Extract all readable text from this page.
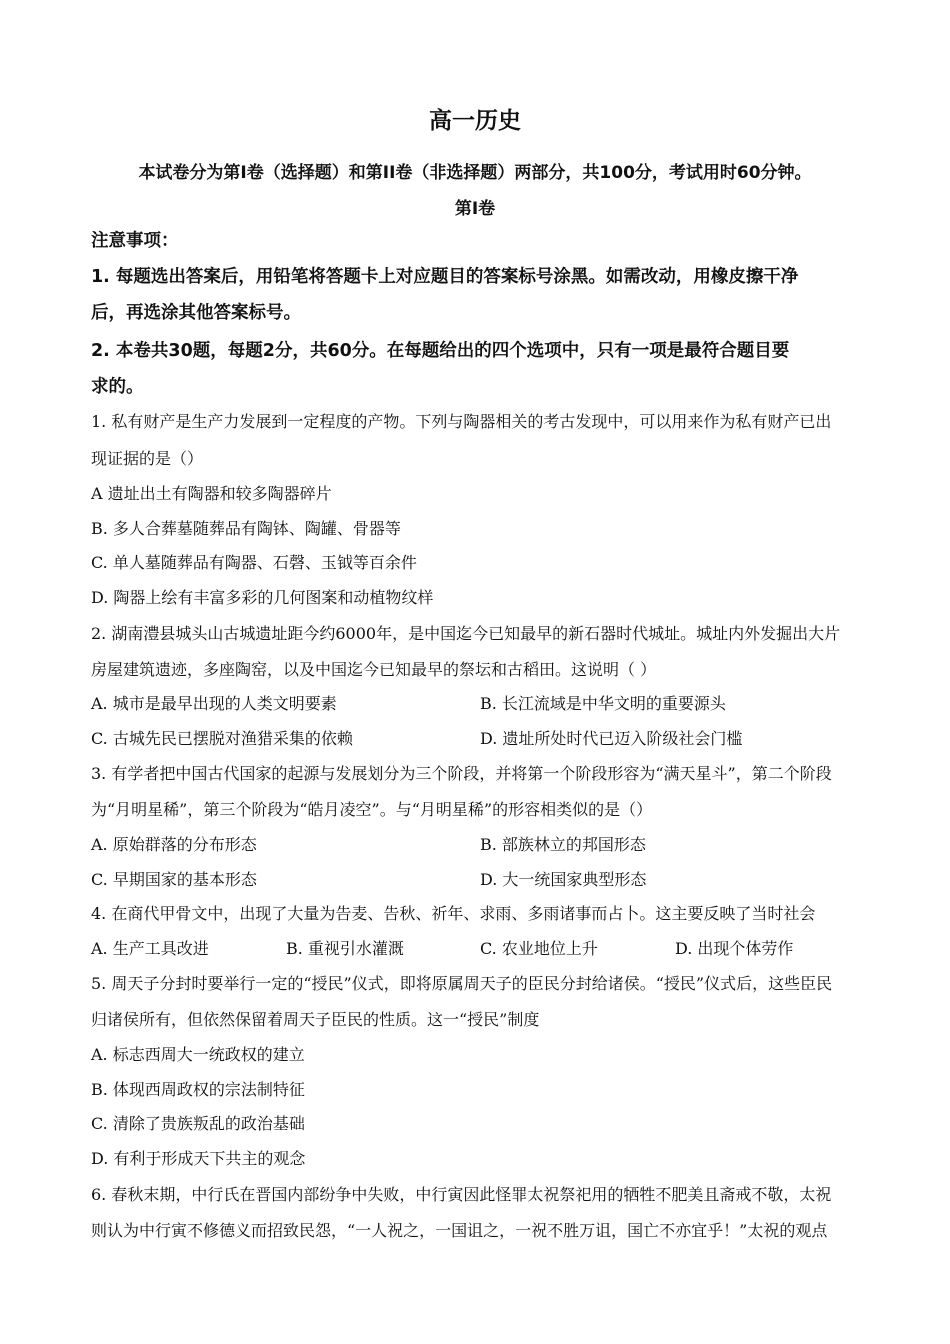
高一历史
本试卷分为第I卷（选择题）和第II卷（非选择题）两部分，共100分，考试用时60分钟。
第I卷
注意事项：
1. 每题选出答案后，用铅笔将答题卡上对应题目的答案标号涂黑。如需改动，用橡皮擦干净
后，再选涂其他答案标号。
2. 本卷共30题，每题2分，共60分。在每题给出的四个选项中，只有一项是最符合题目要
求的。
1. 私有财产是生产力发展到一定程度的产物。下列与陶器相关的考古发现中，可以用来作为私有财产已出
现证据的是（）
A 遗址出土有陶器和较多陶器碎片
B. 多人合葬墓随葬品有陶钵、陶罐、骨器等
C. 单人墓随葬品有陶器、石磬、玉钺等百余件
D. 陶器上绘有丰富多彩的几何图案和动植物纹样
2. 湖南澧县城头山古城遗址距今约6000年，是中国迄今已知最早的新石器时代城址。城址内外发掘出大片
房屋建筑遗迹，多座陶窑，以及中国迄今已知最早的祭坛和古稻田。这说明（ ）
A. 城市是最早出现的人类文明要素	B. 长江流域是中华文明的重要源头
C. 古城先民已摆脱对渔猎采集的依赖	D. 遗址所处时代已迈入阶级社会门槛
3. 有学者把中国古代国家的起源与发展划分为三个阶段，并将第一个阶段形容为“满天星斗”，第二个阶段
为“月明星稀”，第三个阶段为“皓月凌空”。与“月明星稀”的形容相类似的是（）
A. 原始群落的分布形态	B. 部族林立的邦国形态
C. 早期国家的基本形态	D. 大一统国家典型形态
4. 在商代甲骨文中，出现了大量为告麦、告秋、祈年、求雨、多雨诸事而占卜。这主要反映了当时社会
A. 生产工具改进	B. 重视引水灌溉	C. 农业地位上升	D. 出现个体劳作
5. 周天子分封时要举行一定的“授民”仪式，即将原属周天子的臣民分封给诸侯。“授民”仪式后，这些臣民
归诸侯所有，但依然保留着周天子臣民的性质。这一“授民”制度
A. 标志西周大一统政权的建立
B. 体现西周政权的宗法制特征
C. 清除了贵族叛乱的政治基础
D. 有利于形成天下共主的观念
6. 春秋末期，中行氏在晋国内部纷争中失败，中行寅因此怪罪太祝祭祀用的牺牲不肥美且斋戒不敬，太祝
则认为中行寅不修德义而招致民怨，“一人祝之，一国诅之，一祝不胜万诅，国亡不亦宜乎！”太祝的观点
